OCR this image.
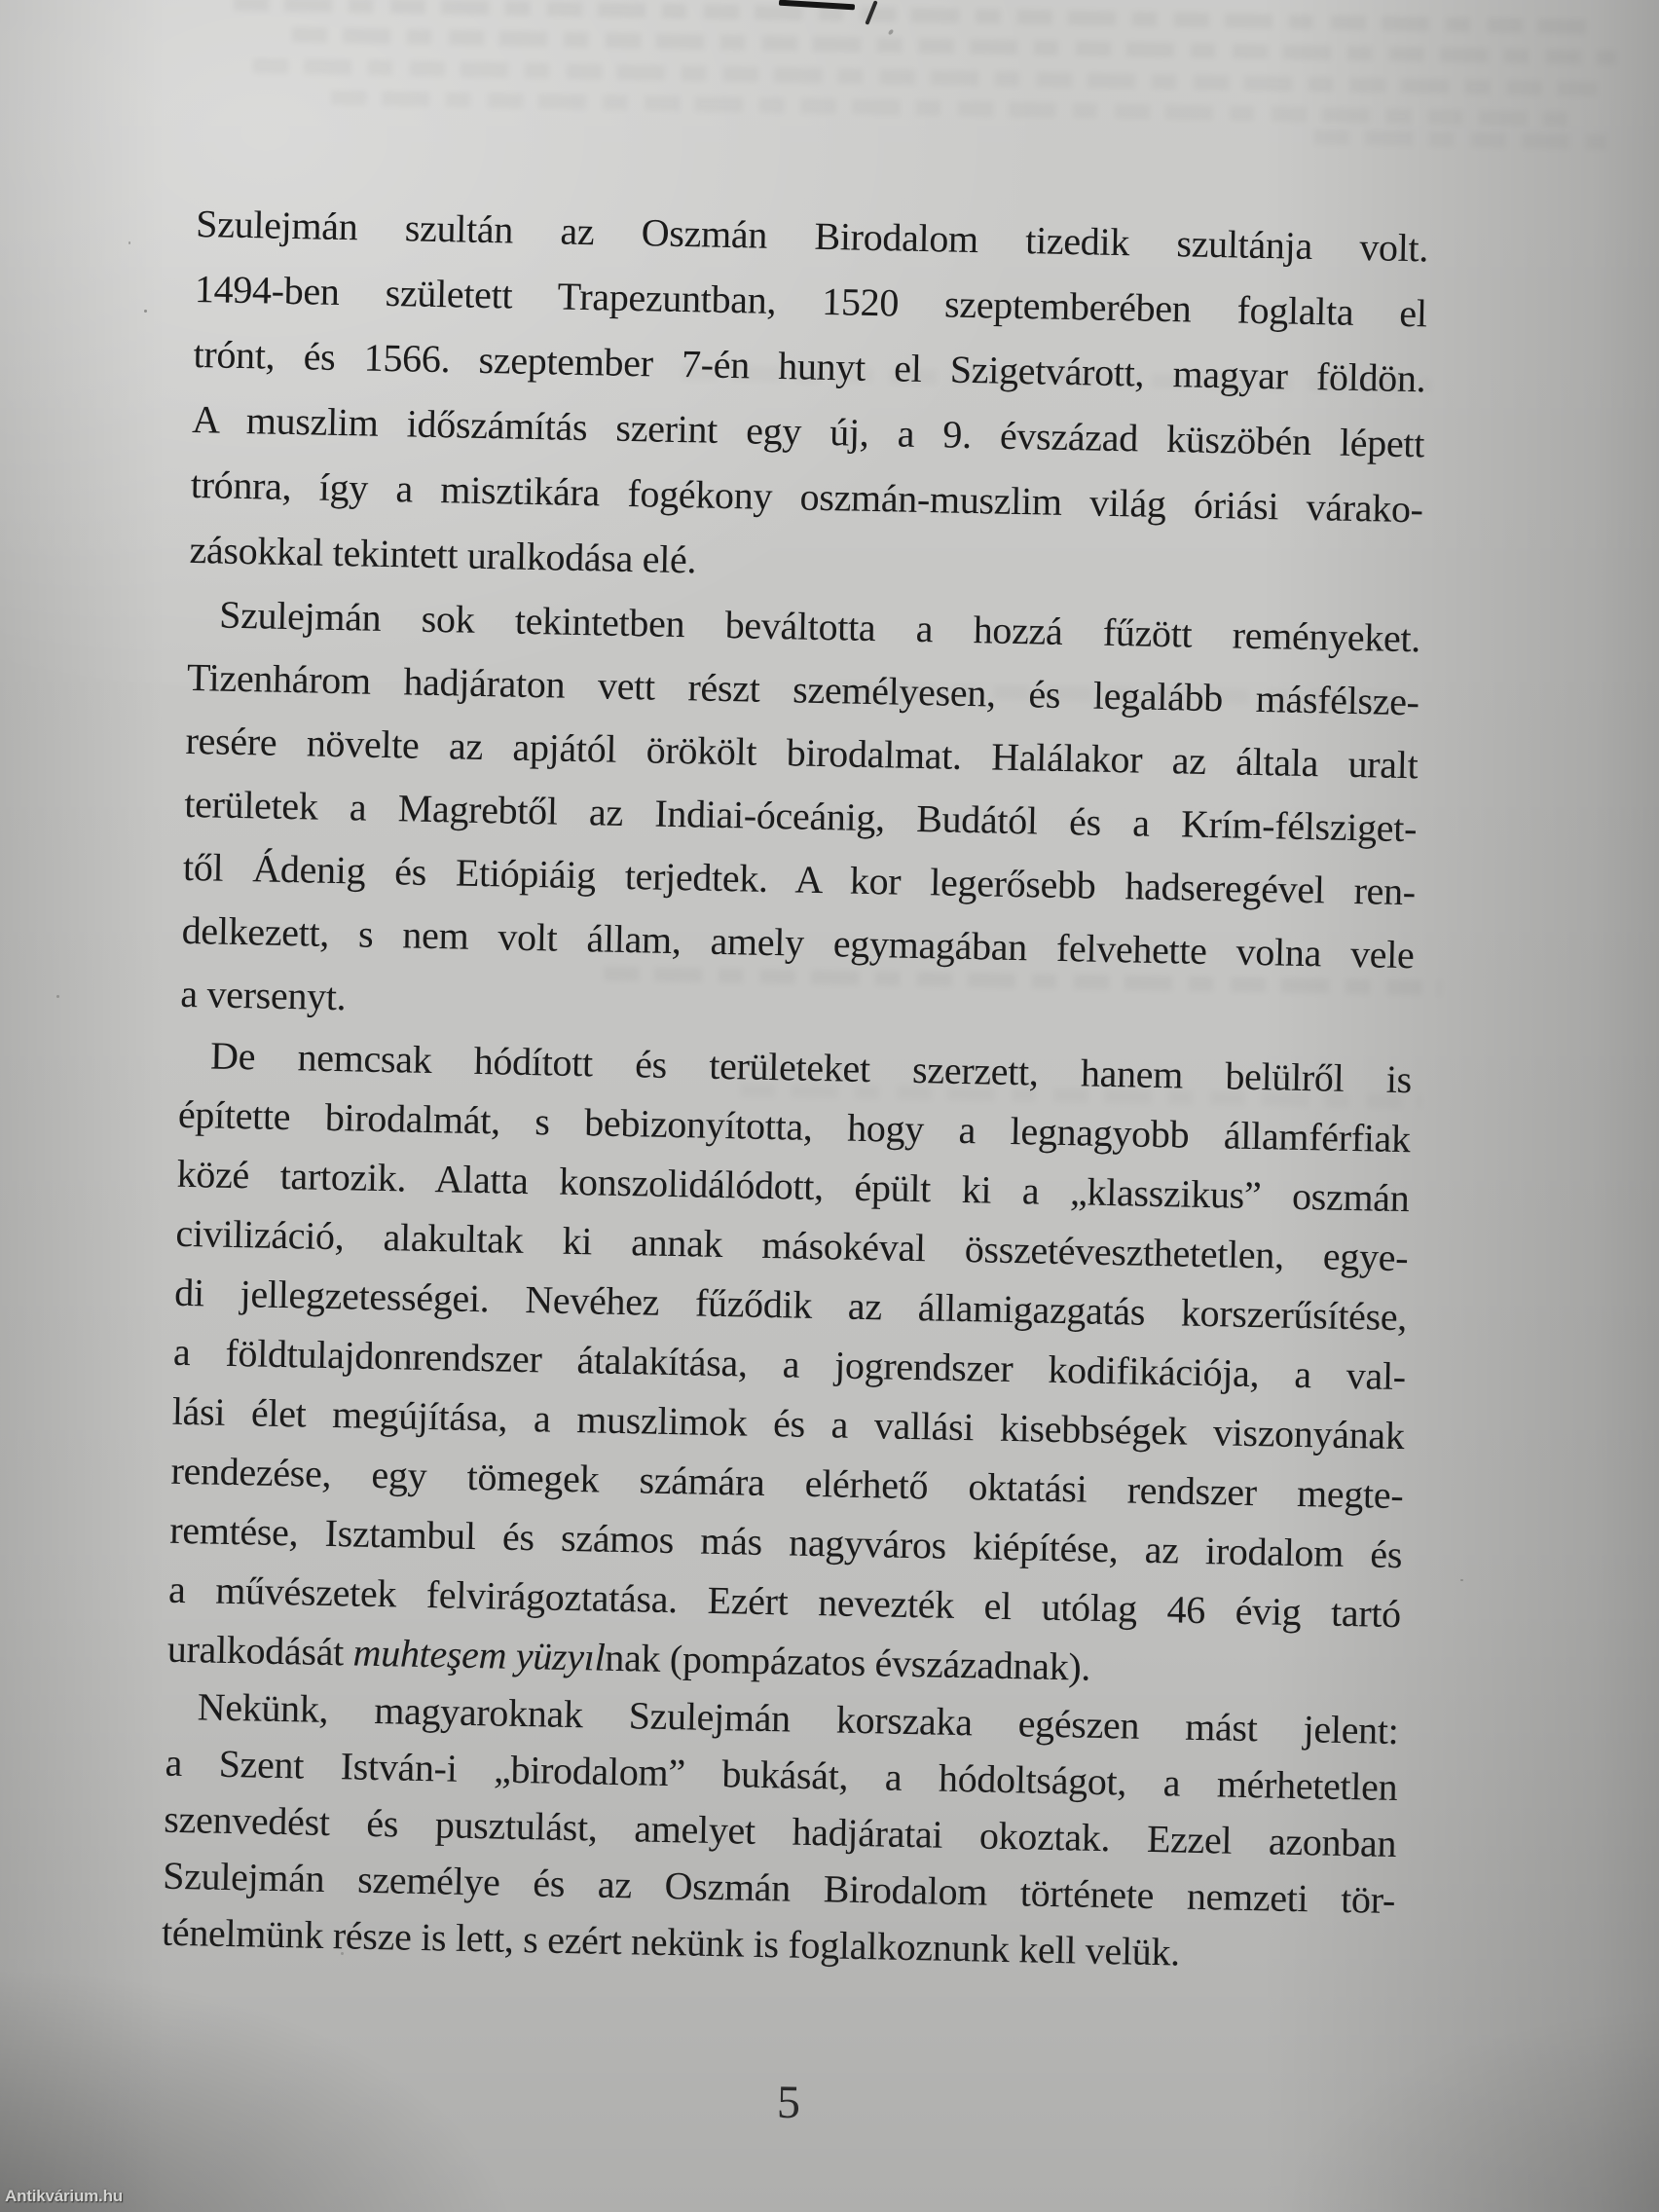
Szulejmán szultán az Oszmán Birodalom tizedik szultánja volt.
1494-ben született Trapezuntban, 1520 szeptemberében foglalta el
trónt, és 1566. szeptember 7-én hunyt el Szigetvárott, magyar földön.
A muszlim időszámítás szerint egy új, a 9. évszázad küszöbén lépett
trónra, így a misztikára fogékony oszmán-muszlim világ óriási várako-
zásokkal tekintett uralkodása elé.
Szulejmán sok tekintetben beváltotta a hozzá fűzött reményeket.
Tizenhárom hadjáraton vett részt személyesen, és legalább másfélsze-
resére növelte az apjától örökölt birodalmat. Halálakor az általa uralt
területek a Magrebtől az Indiai-óceánig, Budától és a Krím-félsziget-
től Ádenig és Etiópiáig terjedtek. A kor legerősebb hadseregével ren-
delkezett, s nem volt állam, amely egymagában felvehette volna vele
a versenyt.
De nemcsak hódított és területeket szerzett, hanem belülről is
építette birodalmát, s bebizonyította, hogy a legnagyobb államférfiak
közé tartozik. Alatta konszolidálódott, épült ki a „klasszikus” oszmán
civilizáció, alakultak ki annak másokéval összetéveszthetetlen, egye-
di jellegzetességei. Nevéhez fűződik az államigazgatás korszerűsítése,
a földtulajdonrendszer átalakítása, a jogrendszer kodifikációja, a val-
lási élet megújítása, a muszlimok és a vallási kisebbségek viszonyának
rendezése, egy tömegek számára elérhető oktatási rendszer megte-
remtése, Isztambul és számos más nagyváros kiépítése, az irodalom és
a művészetek felvirágoztatása. Ezért nevezték el utólag 46 évig tartó
uralkodását muhteşem yüzyılnak (pompázatos évszázadnak).
Nekünk, magyaroknak Szulejmán korszaka egészen mást jelent:
a Szent István-i „birodalom” bukását, a hódoltságot, a mérhetetlen
szenvedést és pusztulást, amelyet hadjáratai okoztak. Ezzel azonban
Szulejmán személye és az Oszmán Birodalom története nemzeti tör-
ténelmünk része is lett, s ezért nekünk is foglalkoznunk kell velük.
5
Antikvárium.hu
